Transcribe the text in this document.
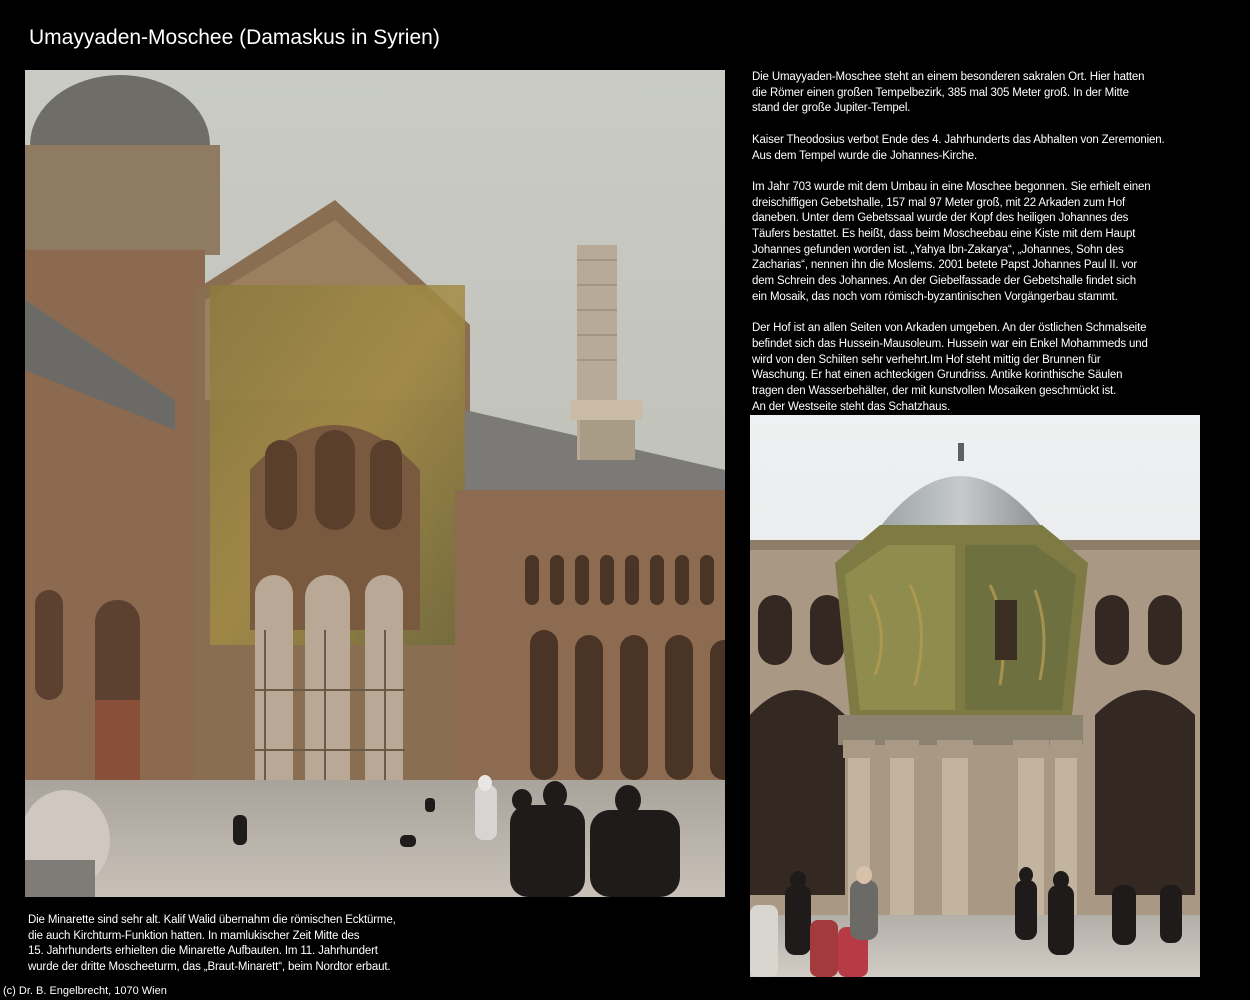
Umayyaden-Moschee (Damaskus in Syrien)

Die Umayyaden-Moschee steht an einem besonderen sakralen Ort. Hier hatten
die Römer einen großen Tempelbezirk, 385 mal 305 Meter groß. In der Mitte
stand der große Jupiter-Tempel.

Kaiser Theodosius verbot Ende des 4. Jahrhunderts das Abhalten von Zeremonien.
Aus dem Tempel wurde die Johannes-Kirche.

Im Jahr 703 wurde mit dem Umbau in eine Moschee begonnen. Sie erhielt einen
dreischiffigen Gebetshalle, 157 mal 97 Meter groß, mit 22 Arkaden zum Hof
daneben. Unter dem Gebetssaal wurde der Kopf des heiligen Johannes des
Täufers bestattet. Es heißt, dass beim Moscheebau eine Kiste mit dem Haupt
Johannes gefunden worden ist. „Yahya Ibn-Zakarya“, „Johannes, Sohn des
Zacharias“, nennen ihn die Moslems. 2001 betete Papst Johannes Paul II. vor
dem Schrein des Johannes. An der Giebelfassade der Gebetshalle findet sich
ein Mosaik, das noch vom römisch-byzantinischen Vorgängerbau stammt.

Der Hof ist an allen Seiten von Arkaden umgeben. An der östlichen Schmalseite
befindet sich das Hussein-Mausoleum. Hussein war ein Enkel Mohammeds und
wird von den Schiiten sehr verhehrt.Im Hof steht mittig der Brunnen für
Waschung. Er hat einen achteckigen Grundriss. Antike korinthische Säulen
tragen den Wasserbehälter, der mit kunstvollen Mosaiken geschmückt ist.
An der Westseite steht das Schatzhaus.

Die Minarette sind sehr alt. Kalif Walid übernahm die römischen Ecktürme,
die auch Kirchturm-Funktion hatten. In mamlukischer Zeit Mitte des
15. Jahrhunderts erhielten die Minarette Aufbauten. Im 11. Jahrhundert
wurde der dritte Moscheeturm, das „Braut-Minarett“, beim Nordtor erbaut.
(c) Dr. B. Engelbrecht, 1070 Wien
